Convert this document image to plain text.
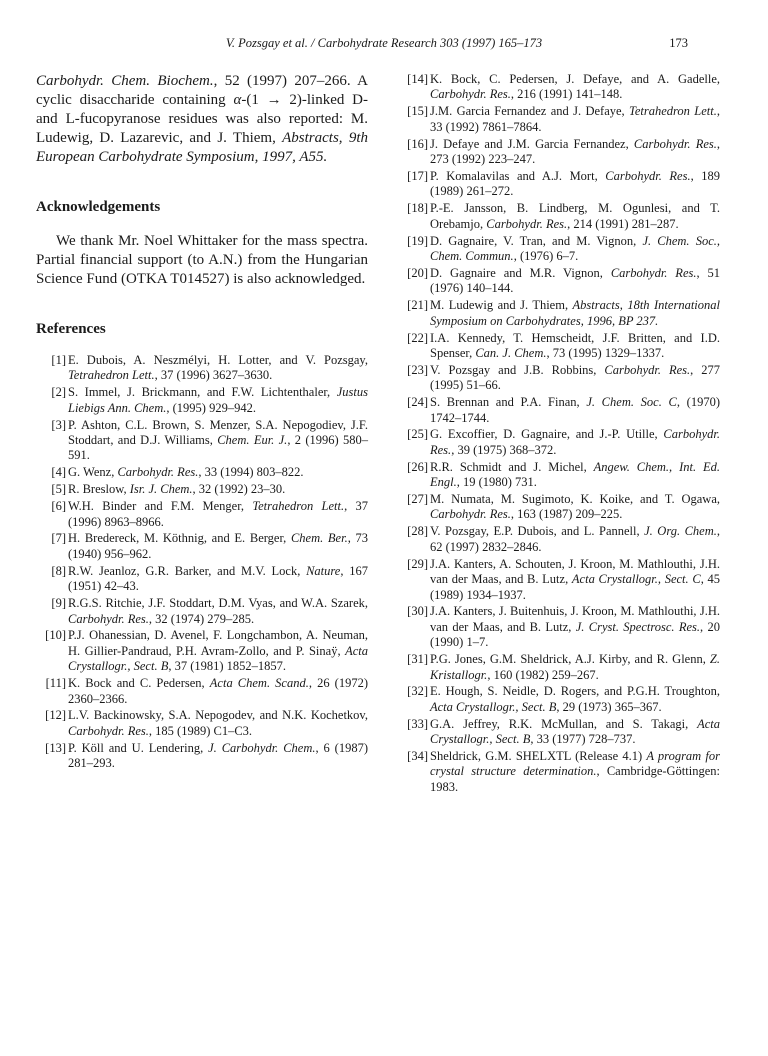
V. Pozsgay et al. / Carbohydrate Research 303 (1997) 165–173	173

Carbohydr. Chem. Biochem., 52 (1997) 207–266. A cyclic disaccharide containing α-(1 → 2)-linked D- and L-fucopyranose residues was also reported: M. Ludewig, D. Lazarevic, and J. Thiem, Abstracts, 9th European Carbohydrate Symposium, 1997, A55.

Acknowledgements

We thank Mr. Noel Whittaker for the mass spectra. Partial financial support (to A.N.) from the Hungarian Science Fund (OTKA T014527) is also acknowledged.

References
[ 1 ] E. Dubois, A. Neszmélyi, H. Lotter, and V. Pozsgay, Tetrahedron Lett., 37 (1996) 3627–3630.
[ 2 ] S. Immel, J. Brickmann, and F.W. Lichtenthaler, Justus Liebigs Ann. Chem., (1995) 929–942.
[ 3 ] P. Ashton, C.L. Brown, S. Menzer, S.A. Nepogodiev, J.F. Stoddart, and D.J. Williams, Chem. Eur. J., 2 (1996) 580–591.
[ 4 ] G. Wenz, Carbohydr. Res., 33 (1994) 803–822.
[ 5 ] R. Breslow, Isr. J. Chem., 32 (1992) 23–30.
[ 6 ] W.H. Binder and F.M. Menger, Tetrahedron Lett., 37 (1996) 8963–8966.
[ 7 ] H. Bredereck, M. Köthnig, and E. Berger, Chem. Ber., 73 (1940) 956–962.
[ 8 ] R.W. Jeanloz, G.R. Barker, and M.V. Lock, Nature, 167 (1951) 42–43.
[ 9 ] R.G.S. Ritchie, J.F. Stoddart, D.M. Vyas, and W.A. Szarek, Carbohydr. Res., 32 (1974) 279–285.
[ 10 ] P.J. Ohanessian, D. Avenel, F. Longchambon, A. Neuman, H. Gillier-Pandraud, P.H. Avram-Zollo, and P. Sinaÿ, Acta Crystallogr., Sect. B, 37 (1981) 1852–1857.
[ 11 ] K. Bock and C. Pedersen, Acta Chem. Scand., 26 (1972) 2360–2366.
[ 12 ] L.V. Backinowsky, S.A. Nepogodev, and N.K. Kochetkov, Carbohydr. Res., 185 (1989) C1–C3.
[ 13 ] P. Köll and U. Lendering, J. Carbohydr. Chem., 6 (1987) 281–293.
[ 14 ] K. Bock, C. Pedersen, J. Defaye, and A. Gadelle, Carbohydr. Res., 216 (1991) 141–148.
[ 15 ] J.M. Garcia Fernandez and J. Defaye, Tetrahedron Lett., 33 (1992) 7861–7864.
[ 16 ] J. Defaye and J.M. Garcia Fernandez, Carbohydr. Res., 273 (1992) 223–247.
[ 17 ] P. Komalavilas and A.J. Mort, Carbohydr. Res., 189 (1989) 261–272.
[ 18 ] P.-E. Jansson, B. Lindberg, M. Ogunlesi, and T. Orebamjo, Carbohydr. Res., 214 (1991) 281–287.
[ 19 ] D. Gagnaire, V. Tran, and M. Vignon, J. Chem. Soc., Chem. Commun., (1976) 6–7.
[ 20 ] D. Gagnaire and M.R. Vignon, Carbohydr. Res., 51 (1976) 140–144.
[ 21 ] M. Ludewig and J. Thiem, Abstracts, 18th International Symposium on Carbohydrates, 1996, BP 237.
[ 22 ] I.A. Kennedy, T. Hemscheidt, J.F. Britten, and I.D. Spenser, Can. J. Chem., 73 (1995) 1329–1337.
[ 23 ] V. Pozsgay and J.B. Robbins, Carbohydr. Res., 277 (1995) 51–66.
[ 24 ] S. Brennan and P.A. Finan, J. Chem. Soc. C, (1970) 1742–1744.
[ 25 ] G. Excoffier, D. Gagnaire, and J.-P. Utille, Carbohydr. Res., 39 (1975) 368–372.
[ 26 ] R.R. Schmidt and J. Michel, Angew. Chem., Int. Ed. Engl., 19 (1980) 731.
[ 27 ] M. Numata, M. Sugimoto, K. Koike, and T. Ogawa, Carbohydr. Res., 163 (1987) 209–225.
[ 28 ] V. Pozsgay, E.P. Dubois, and L. Pannell, J. Org. Chem., 62 (1997) 2832–2846.
[ 29 ] J.A. Kanters, A. Schouten, J. Kroon, M. Mathlouthi, J.H. van der Maas, and B. Lutz, Acta Crystallogr., Sect. C, 45 (1989) 1934–1937.
[ 30 ] J.A. Kanters, J. Buitenhuis, J. Kroon, M. Mathlouthi, J.H. van der Maas, and B. Lutz, J. Cryst. Spectrosc. Res., 20 (1990) 1–7.
[ 31 ] P.G. Jones, G.M. Sheldrick, A.J. Kirby, and R. Glenn, Z. Kristallogr., 160 (1982) 259–267.
[ 32 ] E. Hough, S. Neidle, D. Rogers, and P.G.H. Troughton, Acta Crystallogr., Sect. B, 29 (1973) 365–367.
[ 33 ] G.A. Jeffrey, R.K. McMullan, and S. Takagi, Acta Crystallogr., Sect. B, 33 (1977) 728–737.
[ 34 ] Sheldrick, G.M. SHELXTL (Release 4.1) A program for crystal structure determination., Cambridge-Göttingen: 1983.
